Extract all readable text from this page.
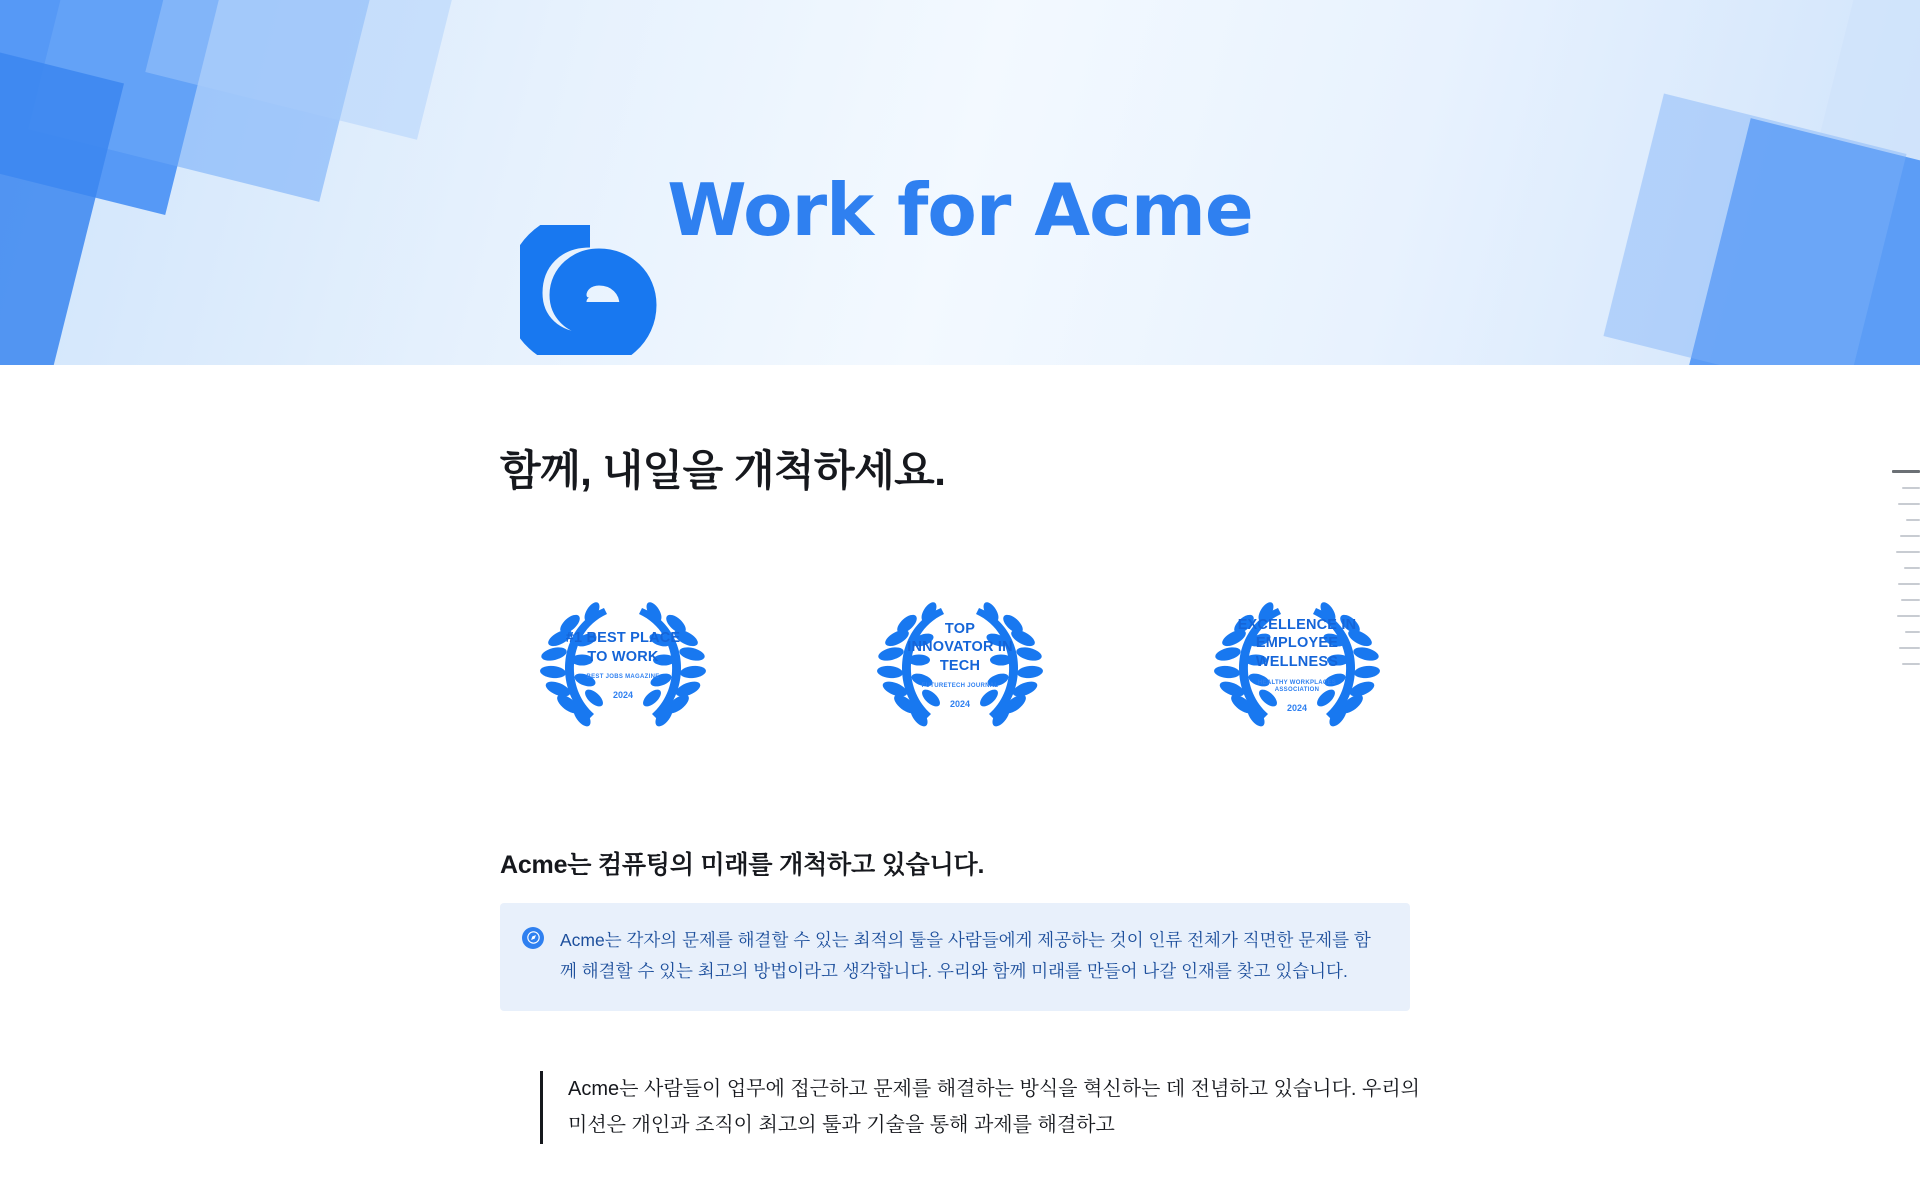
Work for Acme
함께, 내일을 개척하세요.
#1 BEST PLACE TO WORK
BEST JOBS MAGAZINE
2024
TOP INNOVATOR IN TECH
FUTURETECH JOURNAL
2024
EXCELLENCE IN EMPLOYEE WELLNESS
HEALTHY WORKPLACES ASSOCIATION
2024
Acme는 컴퓨팅의 미래를 개척하고 있습니다.
Acme는 각자의 문제를 해결할 수 있는 최적의 툴을 사람들에게 제공하는 것이 인류 전체가 직면한 문제를 함께 해결할 수 있는 최고의 방법이라고 생각합니다. 우리와 함께 미래를 만들어 나갈 인재를 찾고 있습니다.
Acme는 사람들이 업무에 접근하고 문제를 해결하는 방식을 혁신하는 데 전념하고 있습니다. 우리의 미션은 개인과 조직이 최고의 툴과 기술을 통해 과제를 해결하고
